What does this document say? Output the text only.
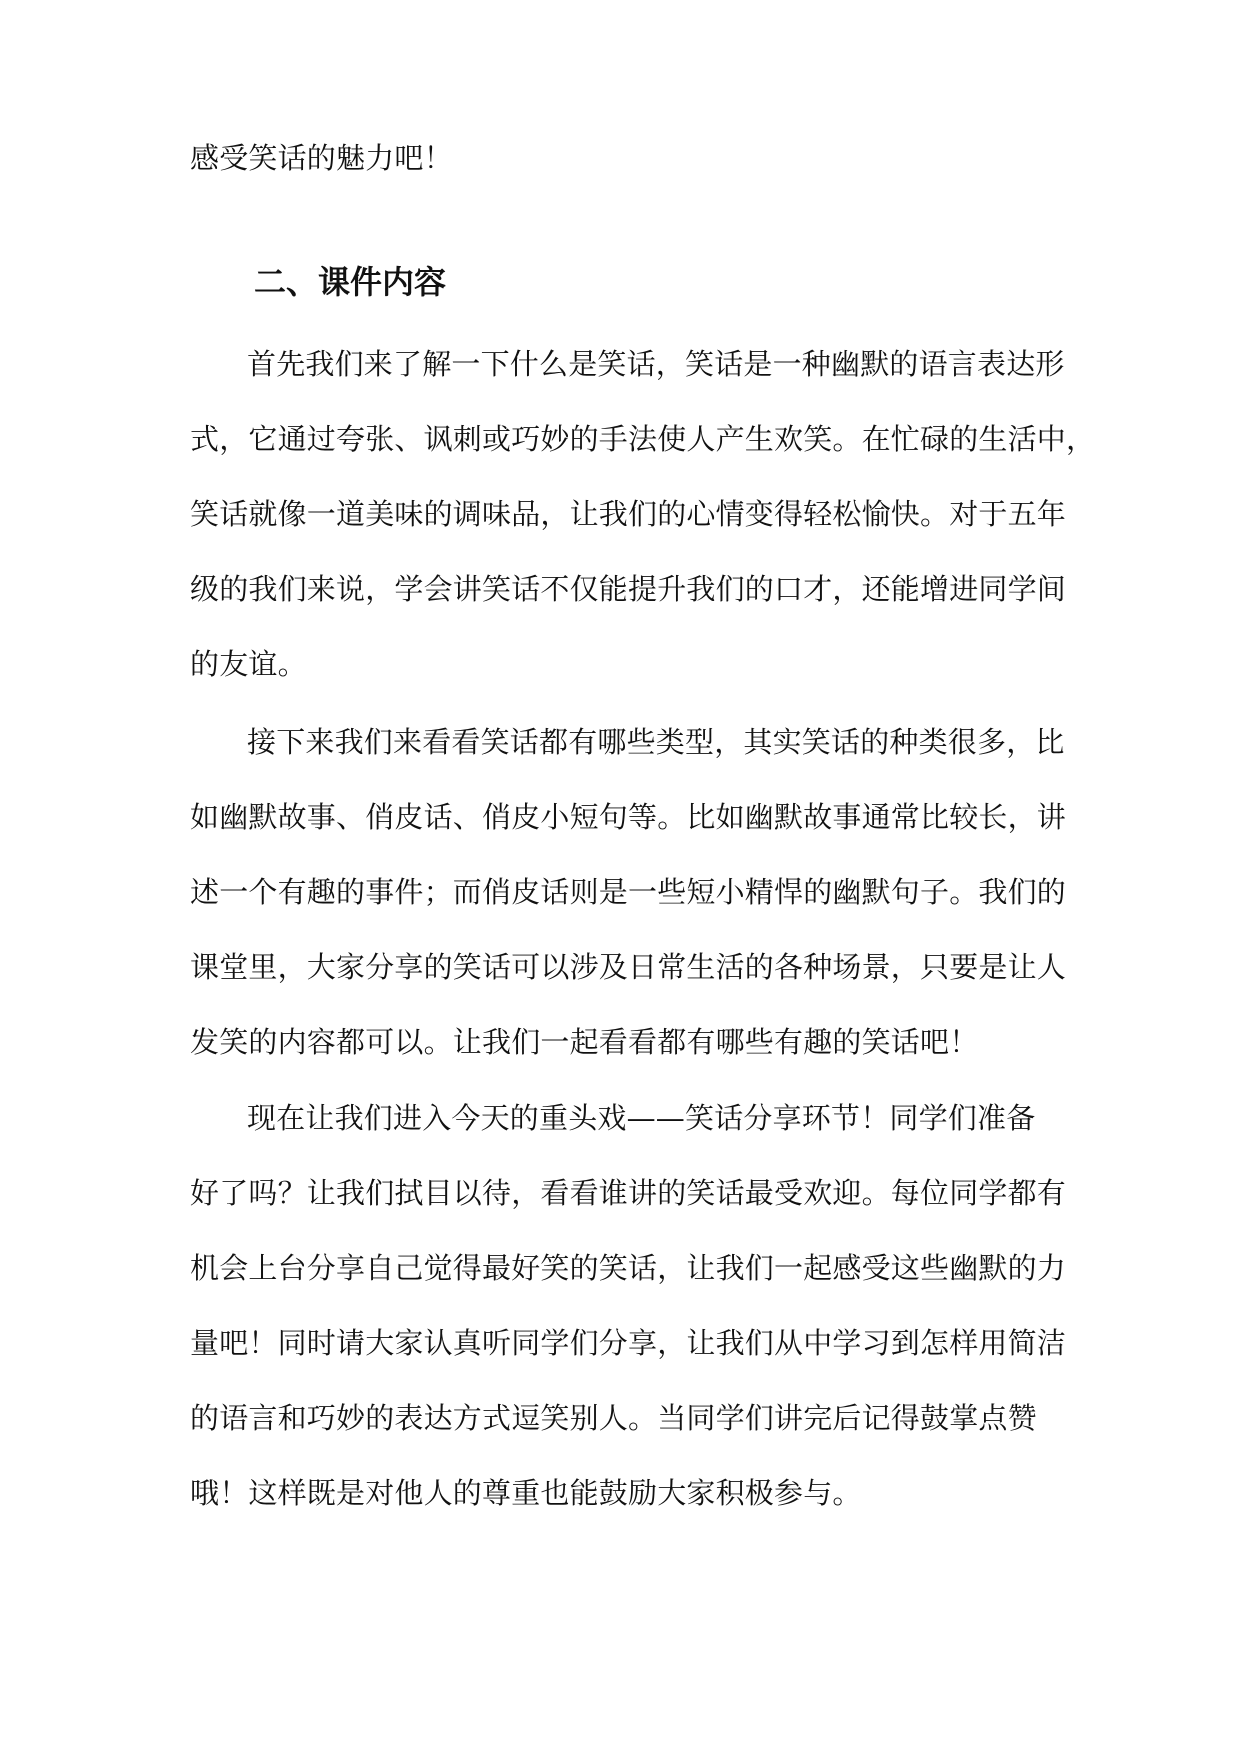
感受笑话的魅力吧！
二、课件内容
首先我们来了解一下什么是笑话，笑话是一种幽默的语言表达形
式，它通过夸张、讽刺或巧妙的手法使人产生欢笑。在忙碌的生活中，
笑话就像一道美味的调味品，让我们的心情变得轻松愉快。对于五年
级的我们来说，学会讲笑话不仅能提升我们的口才，还能增进同学间
的友谊。
接下来我们来看看笑话都有哪些类型，其实笑话的种类很多，比
如幽默故事、俏皮话、俏皮小短句等。比如幽默故事通常比较长，讲
述一个有趣的事件；而俏皮话则是一些短小精悍的幽默句子。我们的
课堂里，大家分享的笑话可以涉及日常生活的各种场景，只要是让人
发笑的内容都可以。让我们一起看看都有哪些有趣的笑话吧！
现在让我们进入今天的重头戏——笑话分享环节！同学们准备
好了吗？让我们拭目以待，看看谁讲的笑话最受欢迎。每位同学都有
机会上台分享自己觉得最好笑的笑话，让我们一起感受这些幽默的力
量吧！同时请大家认真听同学们分享，让我们从中学习到怎样用简洁
的语言和巧妙的表达方式逗笑别人。当同学们讲完后记得鼓掌点赞
哦！这样既是对他人的尊重也能鼓励大家积极参与。
